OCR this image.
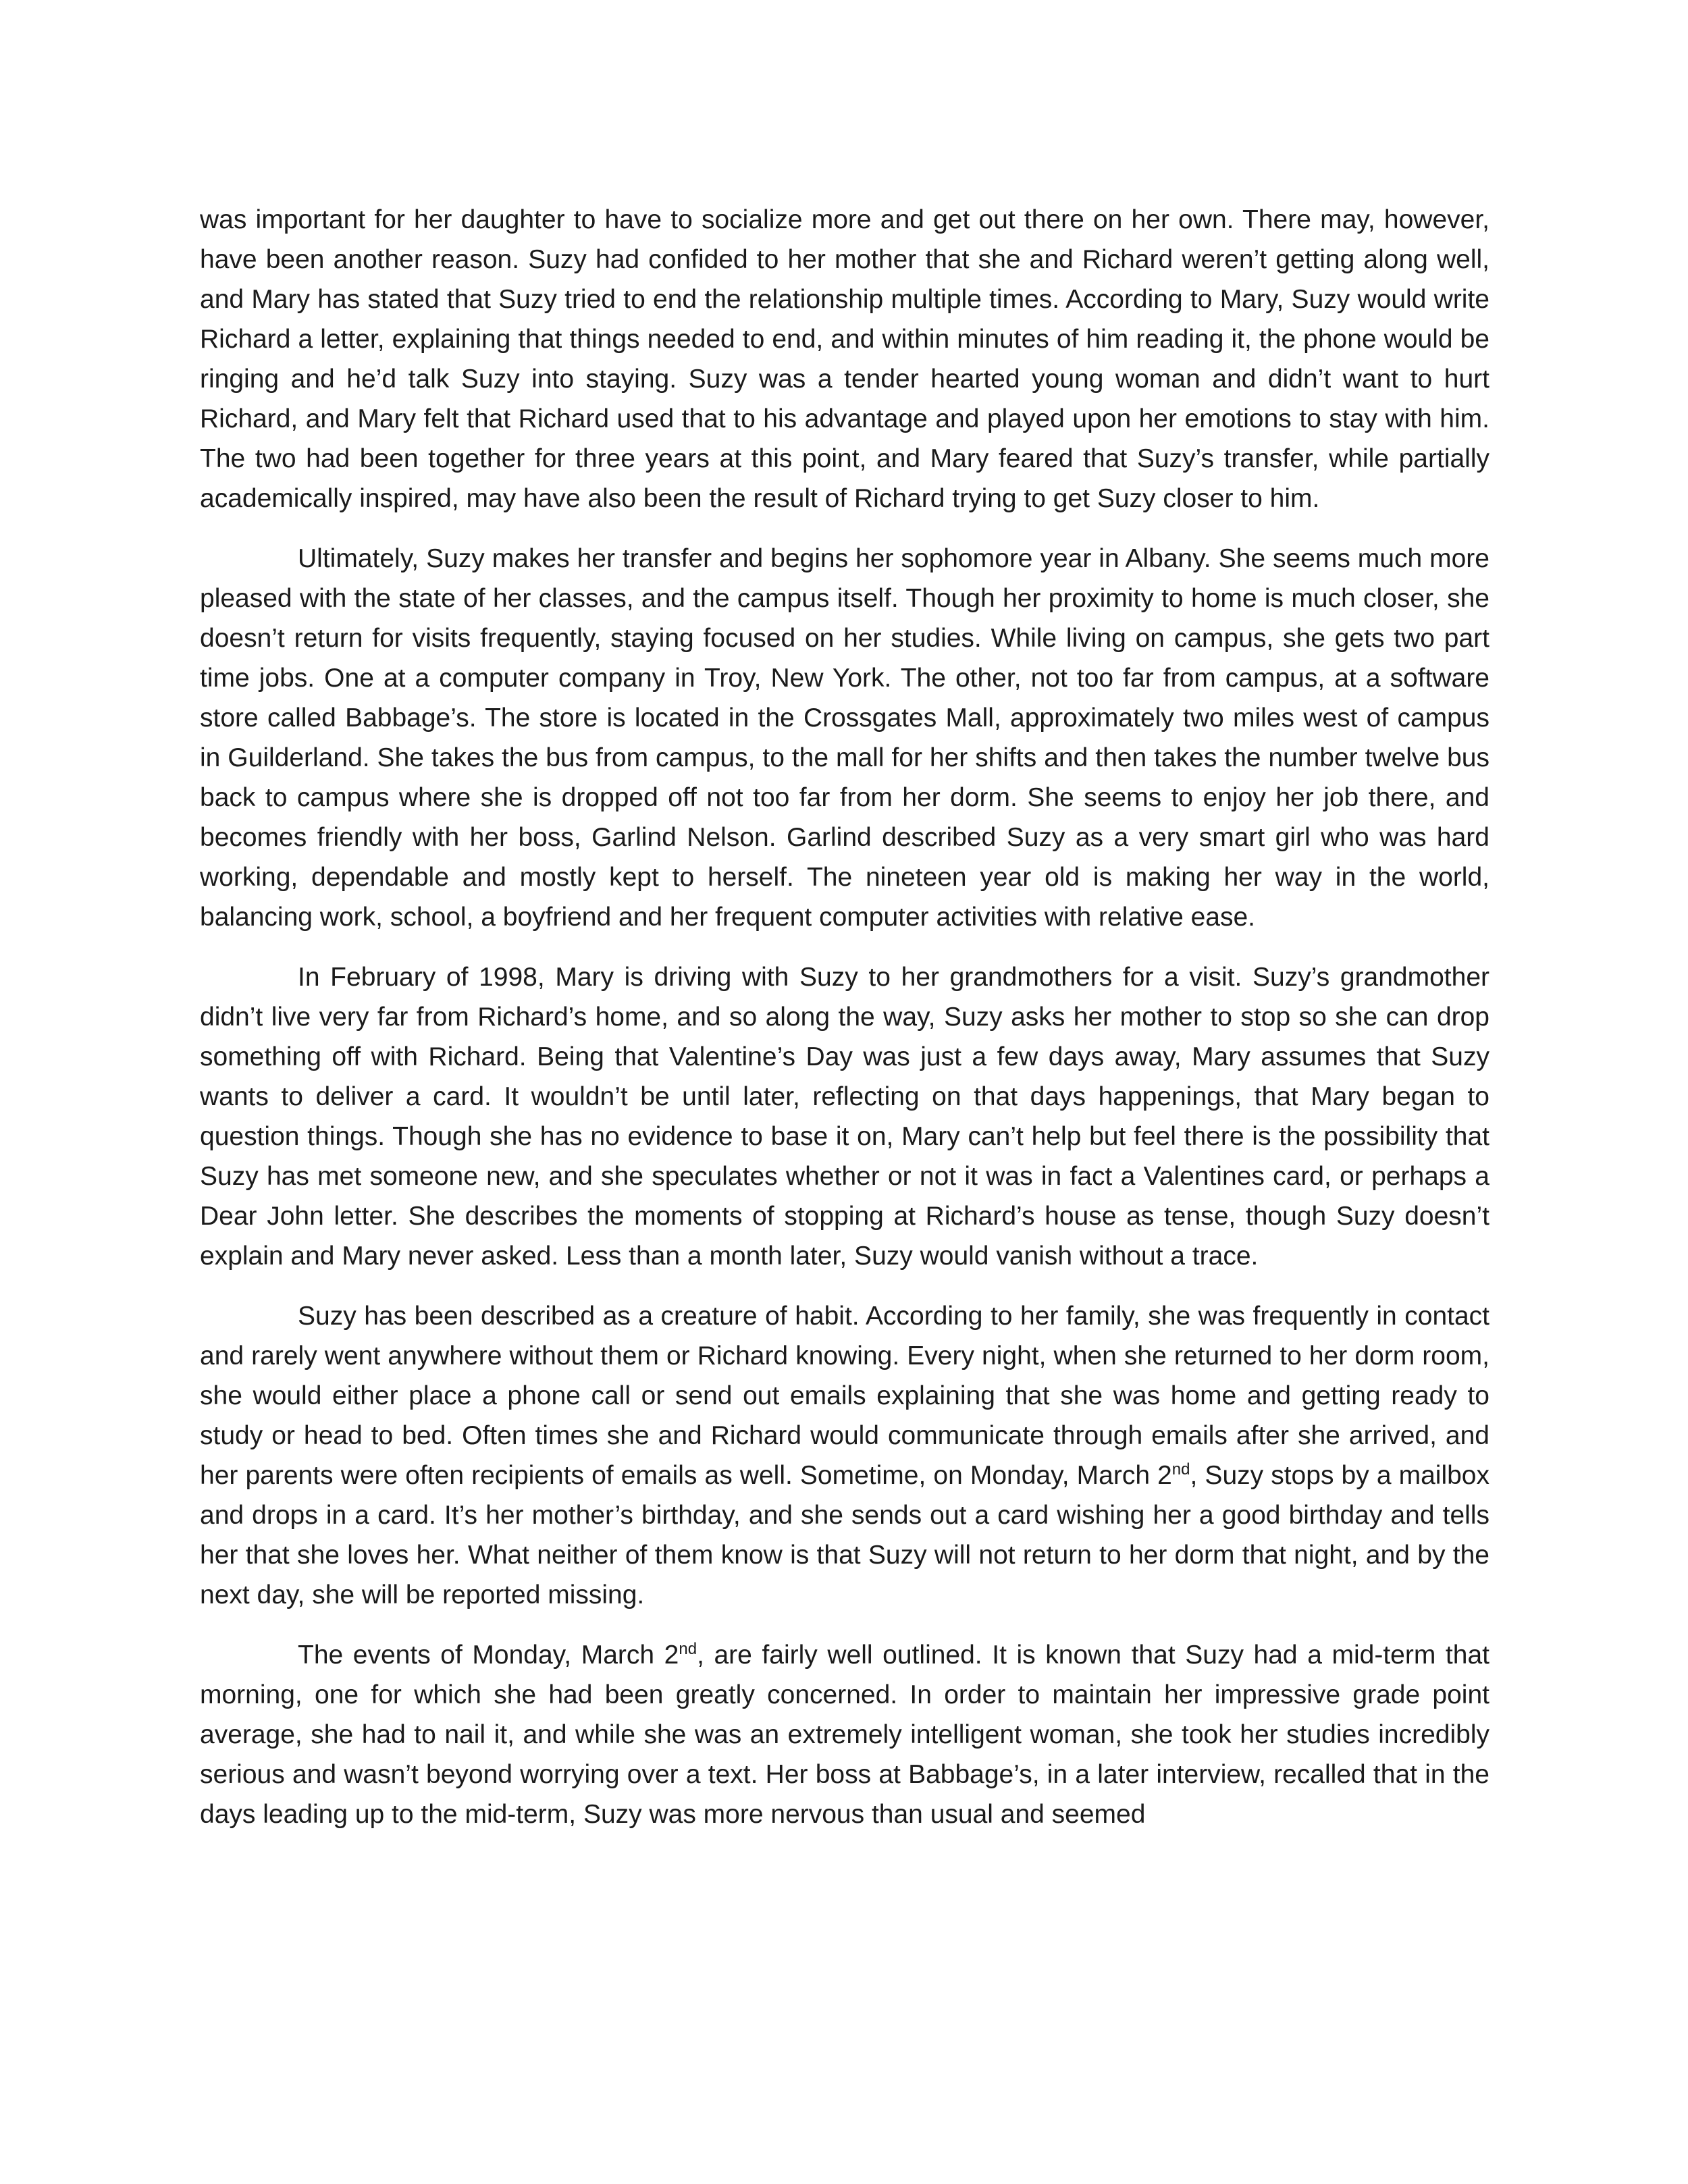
was important for her daughter to have to socialize more and get out there on her own. There may, however, have been another reason. Suzy had confided to her mother that she and Richard weren’t getting along well, and Mary has stated that Suzy tried to end the relationship multiple times. According to Mary, Suzy would write Richard a letter, explaining that things needed to end, and within minutes of him reading it, the phone would be ringing and he’d talk Suzy into staying. Suzy was a tender hearted young woman and didn’t want to hurt Richard, and Mary felt that Richard used that to his advantage and played upon her emotions to stay with him. The two had been together for three years at this point, and Mary feared that Suzy’s transfer, while partially academically inspired, may have also been the result of Richard trying to get Suzy closer to him.

Ultimately, Suzy makes her transfer and begins her sophomore year in Albany. She seems much more pleased with the state of her classes, and the campus itself. Though her proximity to home is much closer, she doesn’t return for visits frequently, staying focused on her studies. While living on campus, she gets two part time jobs. One at a computer company in Troy, New York. The other, not too far from campus, at a software store called Babbage’s. The store is located in the Crossgates Mall, approximately two miles west of campus in Guilderland. She takes the bus from campus, to the mall for her shifts and then takes the number twelve bus back to campus where she is dropped off not too far from her dorm. She seems to enjoy her job there, and becomes friendly with her boss, Garlind Nelson. Garlind described Suzy as a very smart girl who was hard working, dependable and mostly kept to herself. The nineteen year old is making her way in the world, balancing work, school, a boyfriend and her frequent computer activities with relative ease.

In February of 1998, Mary is driving with Suzy to her grandmothers for a visit. Suzy’s grandmother didn’t live very far from Richard’s home, and so along the way, Suzy asks her mother to stop so she can drop something off with Richard. Being that Valentine’s Day was just a few days away, Mary assumes that Suzy wants to deliver a card. It wouldn’t be until later, reflecting on that days happenings, that Mary began to question things. Though she has no evidence to base it on, Mary can’t help but feel there is the possibility that Suzy has met someone new, and she speculates whether or not it was in fact a Valentines card, or perhaps a Dear John letter. She describes the moments of stopping at Richard’s house as tense, though Suzy doesn’t explain and Mary never asked. Less than a month later, Suzy would vanish without a trace.

Suzy has been described as a creature of habit. According to her family, she was frequently in contact and rarely went anywhere without them or Richard knowing. Every night, when she returned to her dorm room, she would either place a phone call or send out emails explaining that she was home and getting ready to study or head to bed. Often times she and Richard would communicate through emails after she arrived, and her parents were often recipients of emails as well. Sometime, on Monday, March 2nd, Suzy stops by a mailbox and drops in a card. It’s her mother’s birthday, and she sends out a card wishing her a good birthday and tells her that she loves her. What neither of them know is that Suzy will not return to her dorm that night, and by the next day, she will be reported missing.

The events of Monday, March 2nd, are fairly well outlined. It is known that Suzy had a mid-term that morning, one for which she had been greatly concerned. In order to maintain her impressive grade point average, she had to nail it, and while she was an extremely intelligent woman, she took her studies incredibly serious and wasn’t beyond worrying over a text. Her boss at Babbage’s, in a later interview, recalled that in the days leading up to the mid-term, Suzy was more nervous than usual and seemed
